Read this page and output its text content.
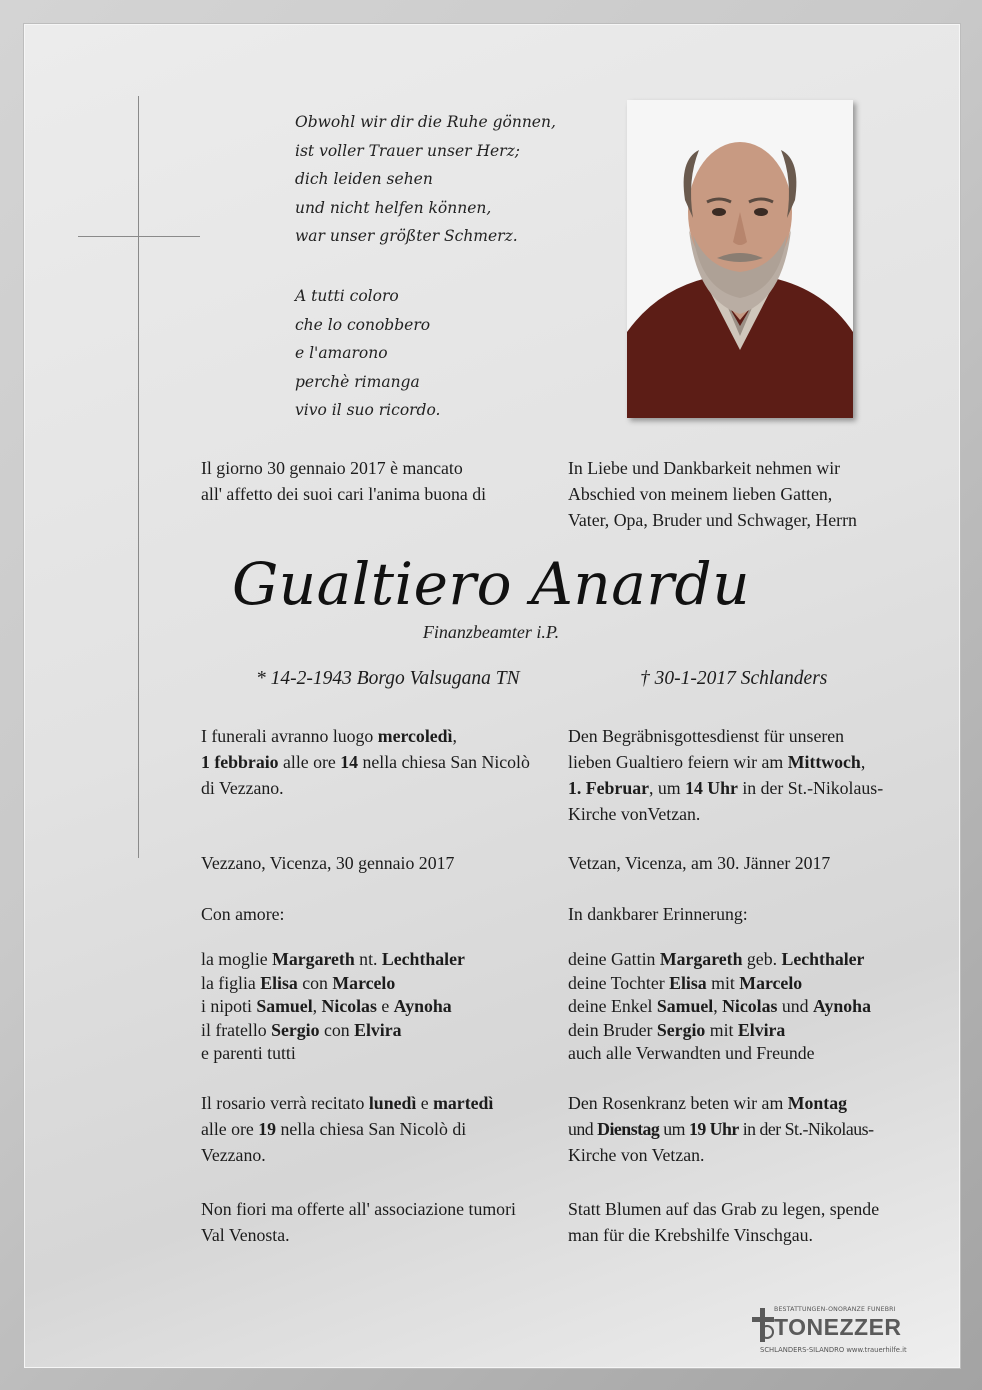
Obwohl wir dir die Ruhe gönnen,
ist voller Trauer unser Herz;
dich leiden sehen
und nicht helfen können,
war unser größter Schmerz.
A tutti coloro
che lo conobbero
e l'amarono
perchè rimanga
vivo il suo ricordo.
Il giorno 30 gennaio 2017 è mancato
all' affetto dei suoi cari l'anima buona di
In Liebe und Dankbarkeit nehmen wir
Abschied von meinem lieben Gatten,
Vater, Opa, Bruder und Schwager, Herrn
Gualtiero Anardu
Finanzbeamter i.P.
* 14-2-1943 Borgo Valsugana TN	† 30-1-2017 Schlanders
I funerali avranno luogo mercoledì,
1 febbraio alle ore 14 nella chiesa San Nicolò
di Vezzano.
Den Begräbnisgottesdienst für unseren
lieben Gualtiero feiern wir am Mittwoch,
1. Februar, um 14 Uhr in der St.-Nikolaus-
Kirche vonVetzan.
Vezzano, Vicenza, 30 gennaio 2017	Vetzan, Vicenza, am 30. Jänner 2017
Con amore:	In dankbarer Erinnerung:
la moglie Margareth nt. Lechthaler
la figlia Elisa con Marcelo
i nipoti Samuel, Nicolas e Aynoha
il fratello Sergio con Elvira
e parenti tutti
deine Gattin Margareth geb. Lechthaler
deine Tochter Elisa mit Marcelo
deine Enkel Samuel, Nicolas und Aynoha
dein Bruder Sergio mit Elvira
auch alle Verwandten und Freunde
Il rosario verrà recitato lunedì e martedì
alle ore 19 nella chiesa San Nicolò di
Vezzano.
Den Rosenkranz beten wir am Montag
und Dienstag um 19 Uhr in der St.-Nikolaus-
Kirche von Vetzan.
Non fiori ma offerte all' associazione tumori
Val Venosta.
Statt Blumen auf das Grab zu legen, spende
man für die Krebshilfe Vinschgau.
BESTATTUNGEN-ONORANZE FUNEBRI
TONEZZER
SCHLANDERS-SILANDRO www.trauerhilfe.it
